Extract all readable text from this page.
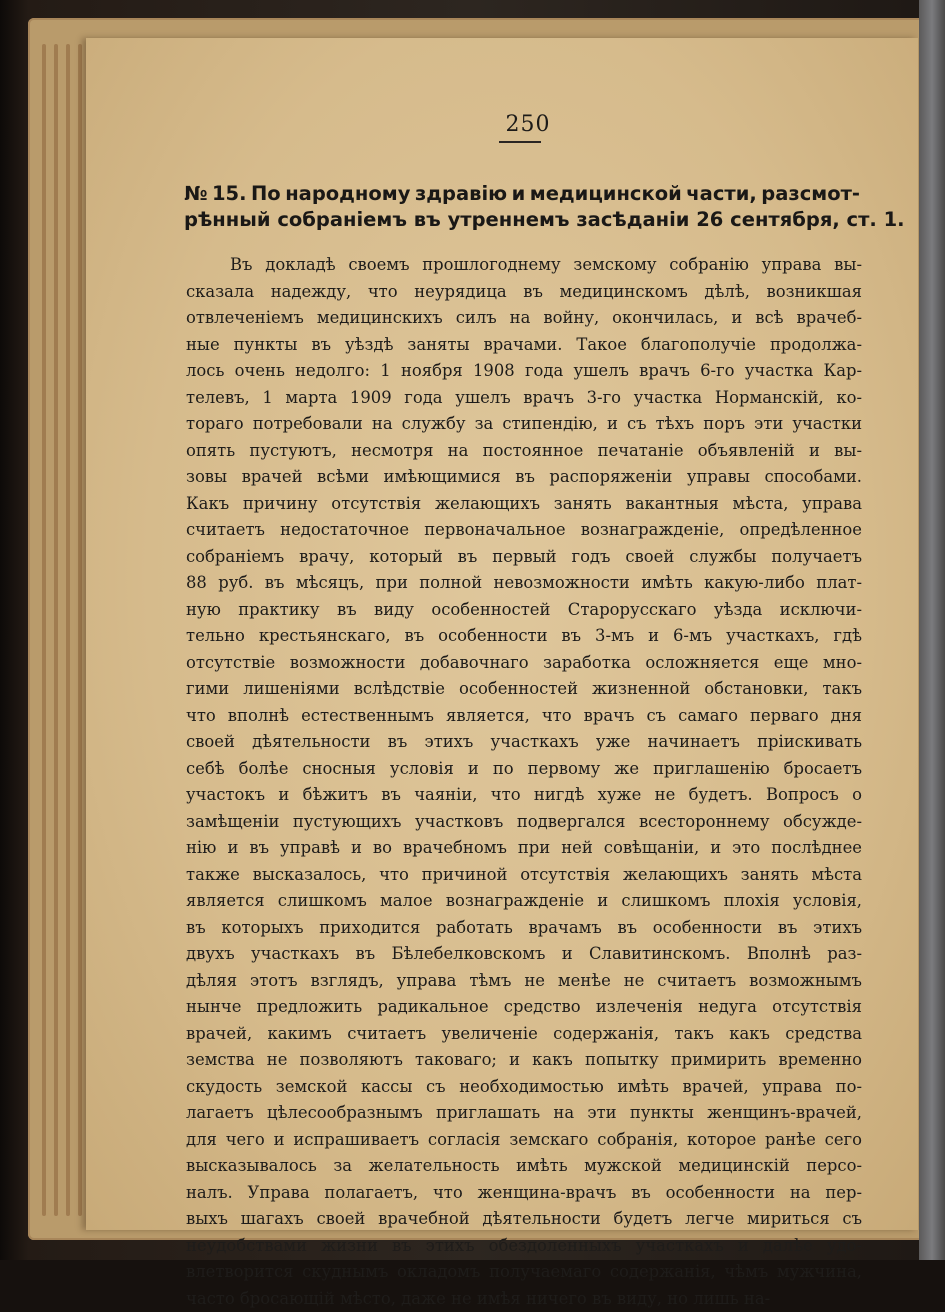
250
№ 15. По народному здравію и медицинской части, разсмот-
рѣнный собраніемъ въ утреннемъ засѣданіи 26 сентября, ст. 1.
Въ докладѣ своемъ прошлогоднему земскому собранію управа вы-
сказала надежду, что неурядица въ медицинскомъ дѣлѣ, возникшая
отвлеченіемъ медицинскихъ силъ на войну, окончилась, и всѣ врачеб-
ные пункты въ уѣздѣ заняты врачами. Такое благополучіе продолжа-
лось очень недолго: 1 ноября 1908 года ушелъ врачъ 6-го участка Кар-
телевъ, 1 марта 1909 года ушелъ врачъ 3-го участка Норманскій, ко-
тораго потребовали на службу за стипендію, и съ тѣхъ поръ эти участки
опять пустуютъ, несмотря на постоянное печатаніе объявленій и вы-
зовы врачей всѣми имѣющимися въ распоряженіи управы способами.
Какъ причину отсутствія желающихъ занять вакантныя мѣста, управа
считаетъ недостаточное первоначальное вознагражденіе, опредѣленное
собраніемъ врачу, который въ первый годъ своей службы получаетъ
88 руб. въ мѣсяцъ, при полной невозможности имѣть какую-либо плат-
ную практику въ виду особенностей Старорусскаго уѣзда исключи-
тельно крестьянскаго, въ особенности въ 3-мъ и 6-мъ участкахъ, гдѣ
отсутствіе возможности добавочнаго заработка осложняется еще мно-
гими лишеніями вслѣдствіе особенностей жизненной обстановки, такъ
что вполнѣ естественнымъ является, что врачъ съ самаго перваго дня
своей дѣятельности въ этихъ участкахъ уже начинаетъ пріискивать
себѣ болѣе сносныя условія и по первому же приглашенію бросаетъ
участокъ и бѣжитъ въ чаяніи, что нигдѣ хуже не будетъ. Вопросъ о
замѣщеніи пустующихъ участковъ подвергался всестороннему обсужде-
нію и въ управѣ и во врачебномъ при ней совѣщаніи, и это послѣднее
также высказалось, что причиной отсутствія желающихъ занять мѣста
является слишкомъ малое вознагражденіе и слишкомъ плохія условія,
въ которыхъ приходится работать врачамъ въ особенности въ этихъ
двухъ участкахъ въ Бѣлебелковскомъ и Славитинскомъ. Вполнѣ раз-
дѣляя этотъ взглядъ, управа тѣмъ не менѣе не считаетъ возможнымъ
нынче предложить радикальное средство излеченія недуга отсутствія
врачей, какимъ считаетъ увеличеніе содержанія, такъ какъ средства
земства не позволяютъ таковаго; и какъ попытку примирить временно
скудость земской кассы съ необходимостью имѣть врачей, управа по-
лагаетъ цѣлесообразнымъ приглашать на эти пункты женщинъ-врачей,
для чего и испрашиваетъ согласія земскаго собранія, которое ранѣе сего
высказывалось за желательность имѣть мужской медицинскій персо-
налъ. Управа полагаетъ, что женщина-врачъ въ особенности на пер-
выхъ шагахъ своей врачебной дѣятельности будетъ легче мириться съ
неудобствами жизни въ этихъ обездоленныхъ участкахъ и далѣе удо-
влетворится скуднымъ окладомъ получаемаго содержанія, чѣмъ мужчина,
часто бросающій мѣсто, даже не имѣя ничего въ виду, но лишь на-
